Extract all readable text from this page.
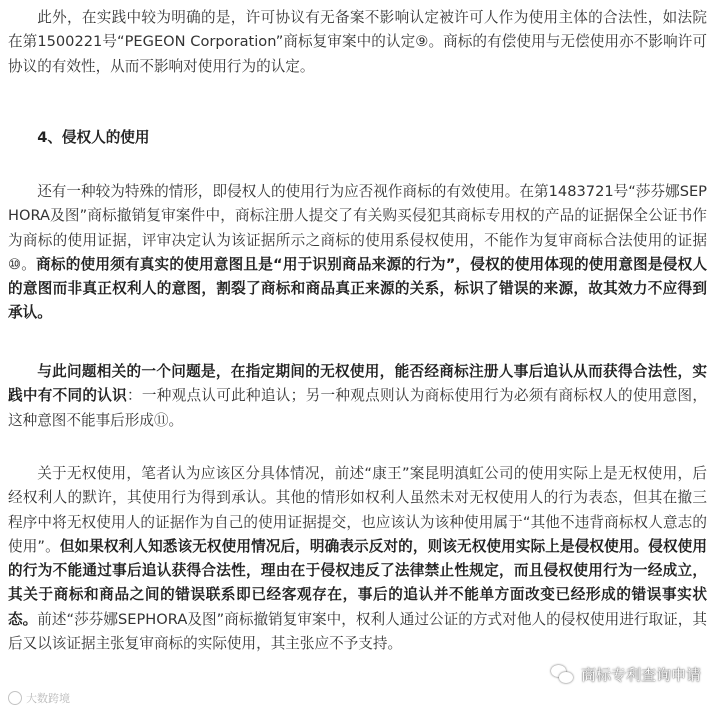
此外，在实践中较为明确的是，许可协议有无备案不影响认定被许可人作为使用主体的合法性，如法院在第1500221号“PEGEON Corporation”商标复审案中的认定⑨。商标的有偿使用与无偿使用亦不影响许可协议的有效性，从而不影响对使用行为的认定。

4、侵权人的使用

还有一种较为特殊的情形，即侵权人的使用行为应否视作商标的有效使用。在第1483721号“莎芬娜SEPHORA及图”商标撤销复审案件中，商标注册人提交了有关购买侵犯其商标专用权的产品的证据保全公证书作为商标的使用证据，评审决定认为该证据所示之商标的使用系侵权使用，不能作为复审商标合法使用的证据⑩。商标的使用须有真实的使用意图且是“用于识别商品来源的行为”，侵权的使用体现的使用意图是侵权人的意图而非真正权利人的意图，割裂了商标和商品真正来源的关系，标识了错误的来源，故其效力不应得到承认。

与此问题相关的一个问题是，在指定期间的无权使用，能否经商标注册人事后追认从而获得合法性，实践中有不同的认识：一种观点认可此种追认；另一种观点则认为商标使用行为必须有商标权人的使用意图，这种意图不能事后形成⑪。

关于无权使用，笔者认为应该区分具体情况，前述“康王”案昆明滇虹公司的使用实际上是无权使用，后经权利人的默许，其使用行为得到承认。其他的情形如权利人虽然未对无权使用人的行为表态，但其在撤三程序中将无权使用人的证据作为自己的使用证据提交，也应该认为该种使用属于“其他不违背商标权人意志的使用”。但如果权利人知悉该无权使用情况后，明确表示反对的，则该无权使用实际上是侵权使用。侵权使用的行为不能通过事后追认获得合法性，理由在于侵权违反了法律禁止性规定，而且侵权使用行为一经成立，其关于商标和商品之间的错误联系即已经客观存在，事后的追认并不能单方面改变已经形成的错误事实状态。前述“莎芬娜SEPHORA及图”商标撤销复审案中，权利人通过公证的方式对他人的侵权使用进行取证，其后又以该证据主张复审商标的实际使用，其主张应不予支持。

大数跨境
商标专利查询申请
